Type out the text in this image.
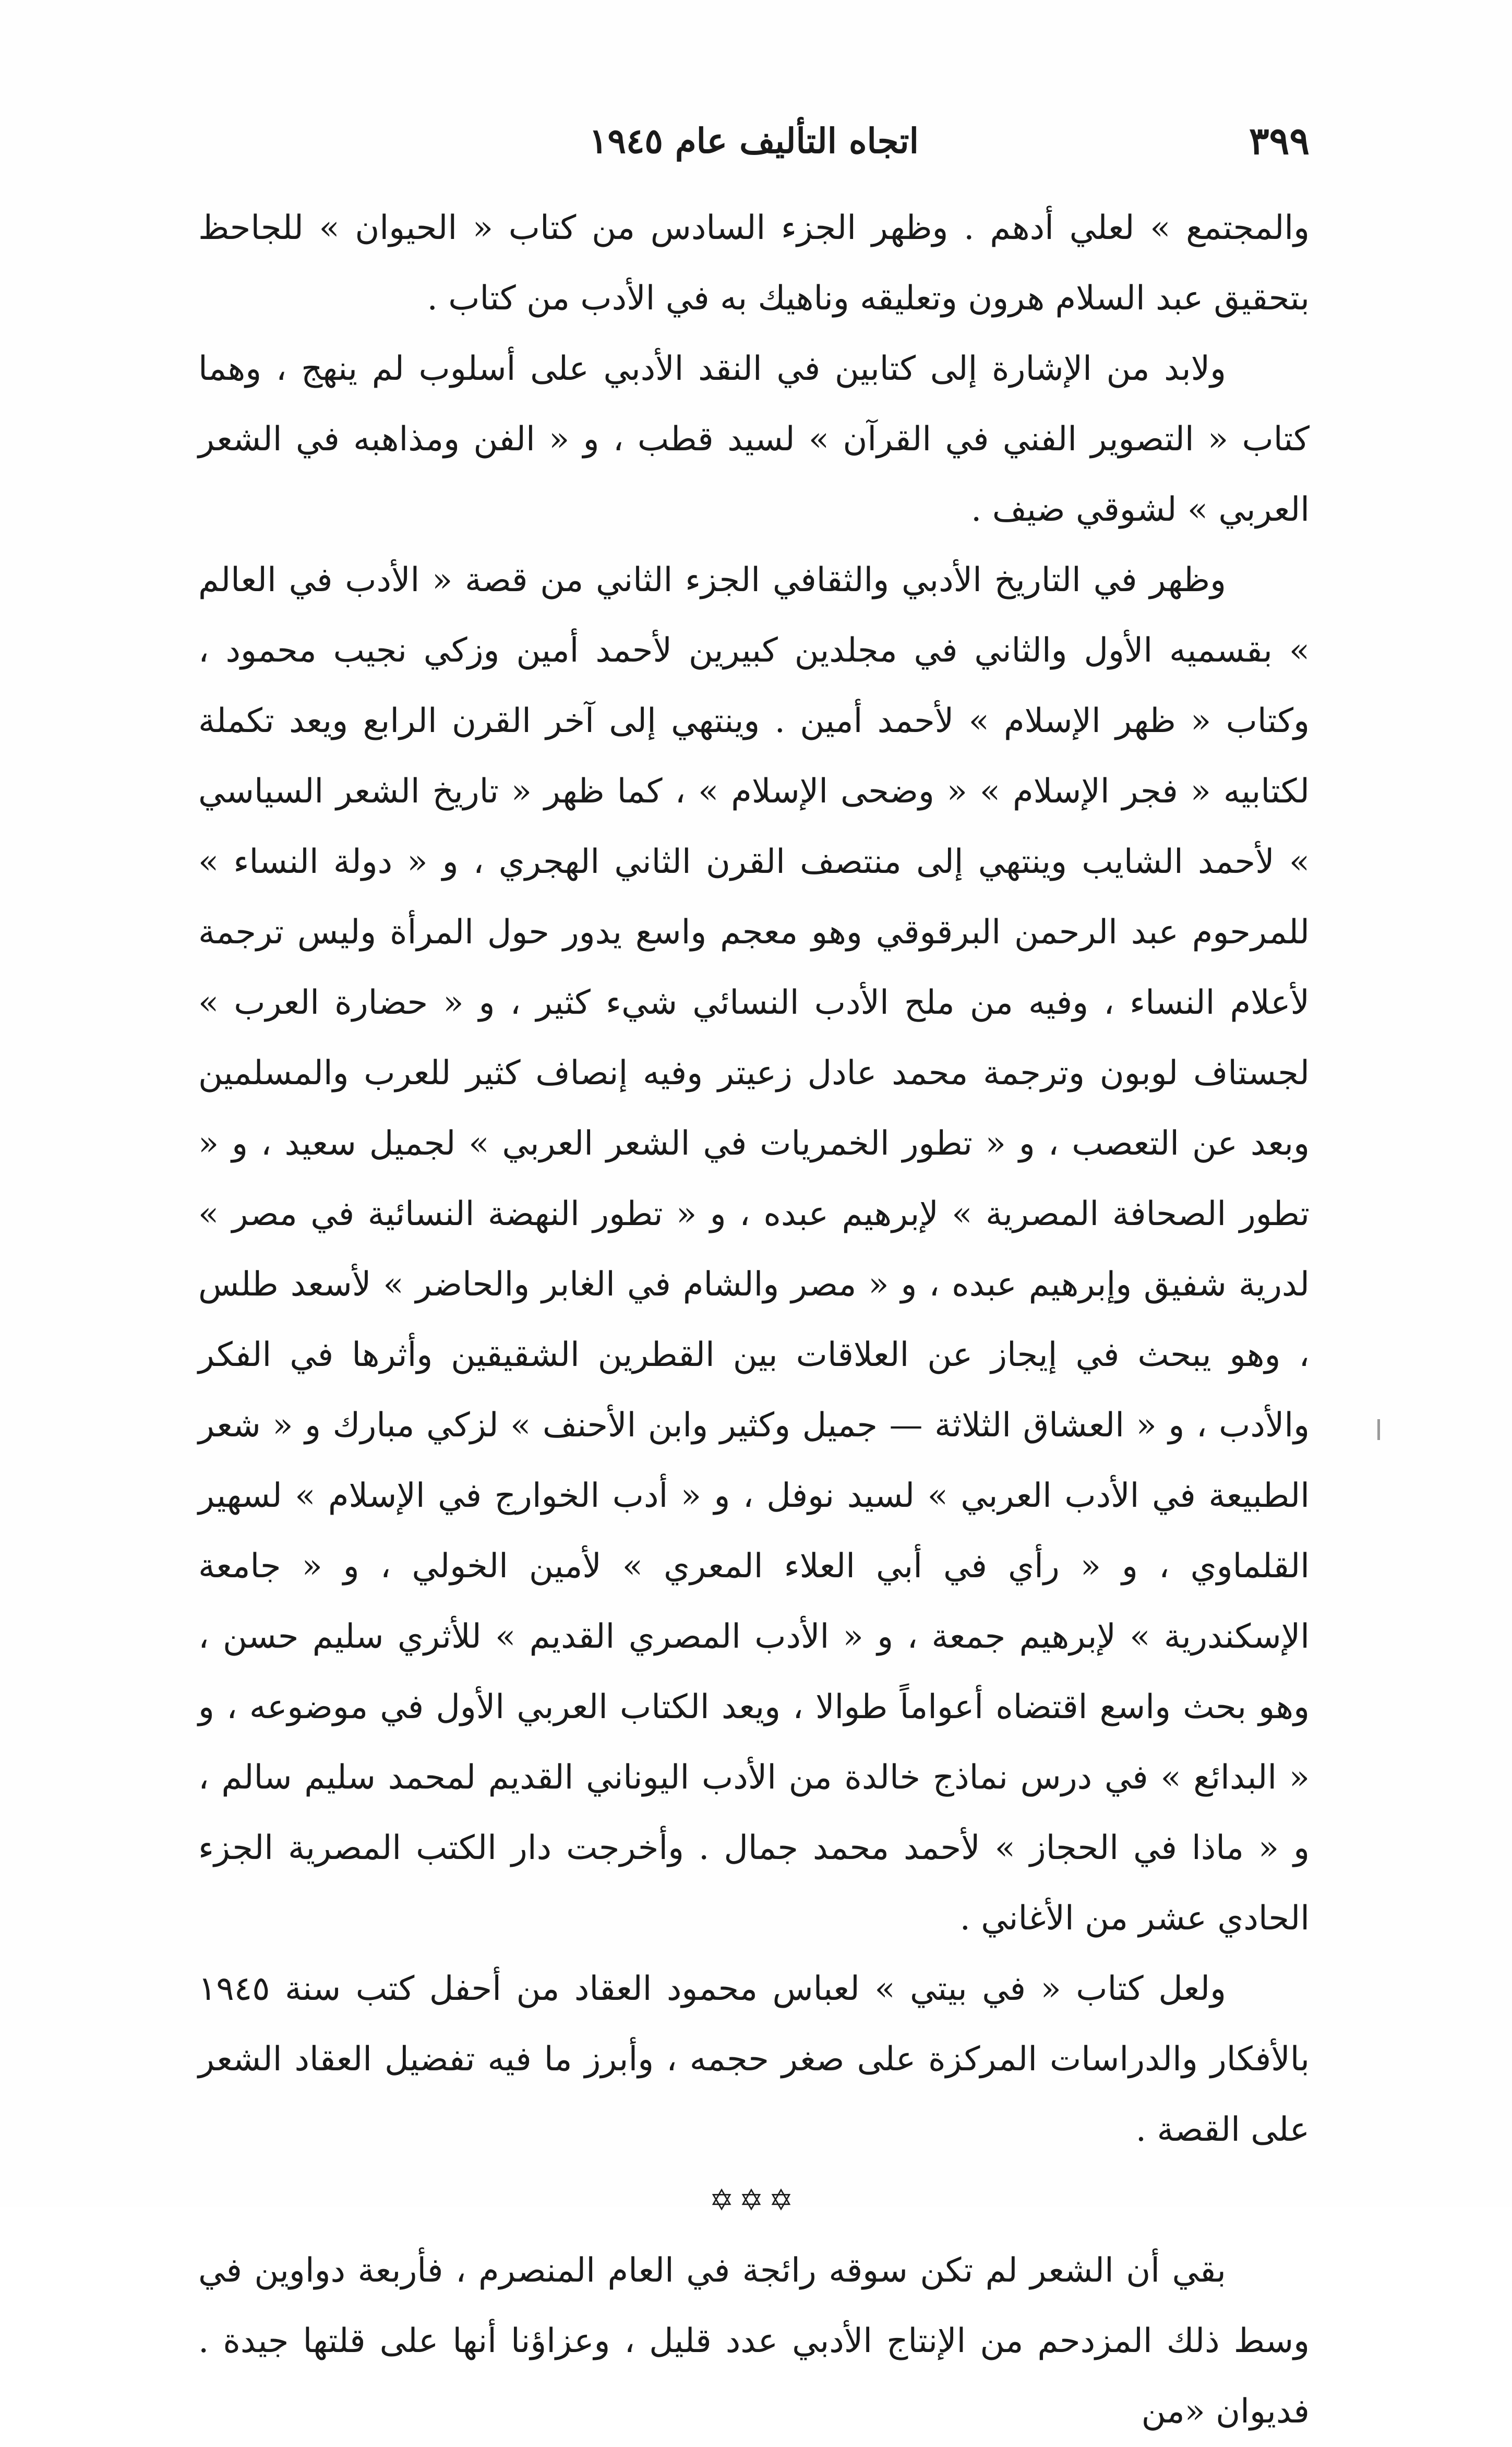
٣٩٩
اتجاه التأليف عام ١٩٤٥

والمجتمع » لعلي أدهم . وظهر الجزء السادس من كتاب « الحيوان » للجاحظ بتحقيق عبد السلام هرون وتعليقه وناهيك به في الأدب من كتاب .

ولابد من الإشارة إلى كتابين في النقد الأدبي على أسلوب لم ينهج ، وهما كتاب « التصوير الفني في القرآن » لسيد قطب ، و « الفن ومذاهبه في الشعر العربي » لشوقي ضيف .

وظهر في التاريخ الأدبي والثقافي الجزء الثاني من قصة « الأدب في العالم » بقسميه الأول والثاني في مجلدين كبيرين لأحمد أمين وزكي نجيب محمود ، وكتاب « ظهر الإسلام » لأحمد أمين . وينتهي إلى آخر القرن الرابع ويعد تكملة لكتابيه « فجر الإسلام » « وضحى الإسلام » ، كما ظهر « تاريخ الشعر السياسي » لأحمد الشايب وينتهي إلى منتصف القرن الثاني الهجري ، و « دولة النساء » للمرحوم عبد الرحمن البرقوقي وهو معجم واسع يدور حول المرأة وليس ترجمة لأعلام النساء ، وفيه من ملح الأدب النسائي شيء كثير ، و « حضارة العرب » لجستاف لوبون وترجمة محمد عادل زعيتر وفيه إنصاف كثير للعرب والمسلمين وبعد عن التعصب ، و « تطور الخمريات في الشعر العربي » لجميل سعيد ، و « تطور الصحافة المصرية » لإبرهيم عبده ، و « تطور النهضة النسائية في مصر » لدرية شفيق وإبرهيم عبده ، و « مصر والشام في الغابر والحاضر » لأسعد طلس ، وهو يبحث في إيجاز عن العلاقات بين القطرين الشقيقين وأثرها في الفكر والأدب ، و « العشاق الثلاثة — جميل وكثير وابن الأحنف » لزكي مبارك و « شعر الطبيعة في الأدب العربي » لسيد نوفل ، و « أدب الخوارج في الإسلام » لسهير القلماوي ، و « رأي في أبي العلاء المعري » لأمين الخولي ، و « جامعة الإسكندرية » لإبرهيم جمعة ، و « الأدب المصري القديم » للأثري سليم حسن ، وهو بحث واسع اقتضاه أعواماً طوالا ، ويعد الكتاب العربي الأول في موضوعه ، و « البدائع » في درس نماذج خالدة من الأدب اليوناني القديم لمحمد سليم سالم ، و « ماذا في الحجاز » لأحمد محمد جمال . وأخرجت دار الكتب المصرية الجزء الحادي عشر من الأغاني .

ولعل كتاب « في بيتي » لعباس محمود العقاد من أحفل كتب سنة ١٩٤٥ بالأفكار والدراسات المركزة على صغر حجمه ، وأبرز ما فيه تفضيل العقاد الشعر على القصة .

✡✡✡

بقي أن الشعر لم تكن سوقه رائجة في العام المنصرم ، فأربعة دواوين في وسط ذلك المزدحم من الإنتاج الأدبي عدد قليل ، وعزاؤنا أنها على قلتها جيدة . فديوان «من
